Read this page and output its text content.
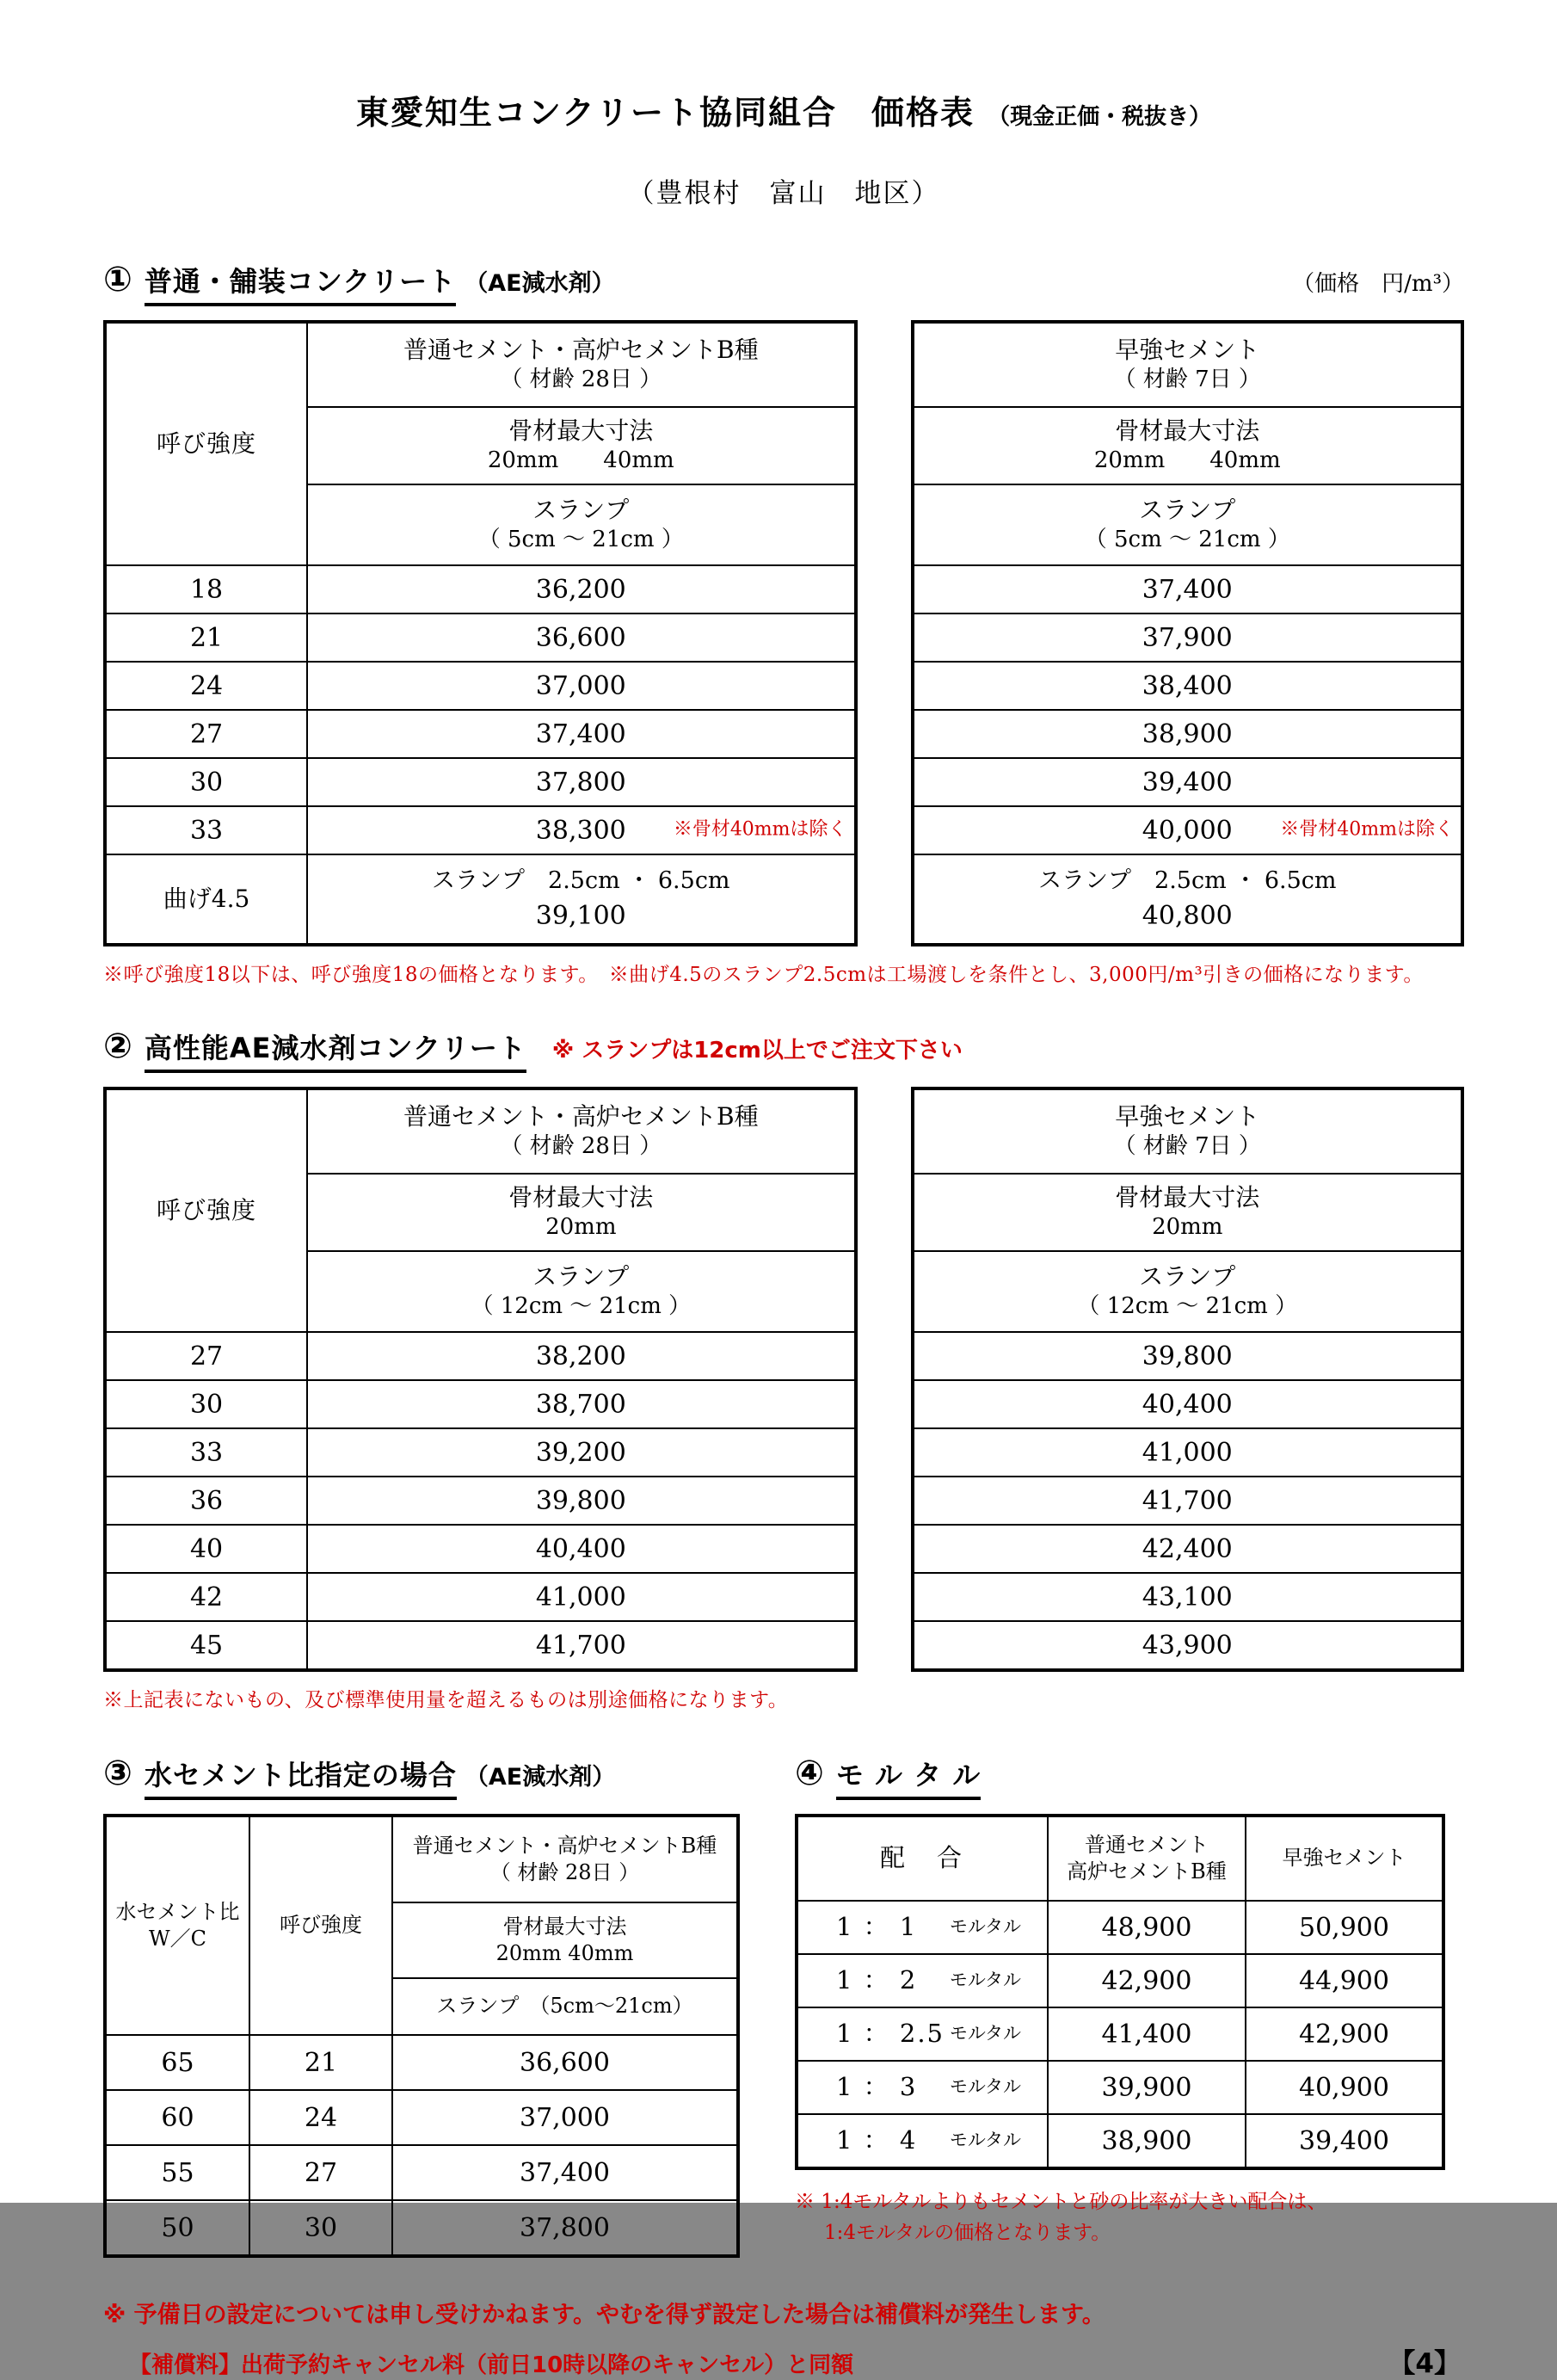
東愛知生コンクリート協同組合　価格表 （現金正価・税抜き）
（豊根村　富山　地区）
① 普通・舗装コンクリート （AE減水剤）	（価格　円/m³）
呼び強度	普通セメント・高炉セメントB種
（ 材齢 28日 ）

	骨材最大寸法
20mm　　40mm

	スランプ
（ 5cm ～ 21cm ）

18	36,200
21	36,600
24	37,000
27	37,400
30	37,800
33	38,300 ※骨材40mmは除く

曲げ4.5	スランプ　2.5cm ・ 6.5cm
39,100
早強セメント
（ 材齢 7日 ）

骨材最大寸法
20mm　　40mm

スランプ
（ 5cm ～ 21cm ）

37,400
37,900
38,400
38,900
39,400
40,000	※骨材40mmは除く

スランプ　2.5cm ・ 6.5cm
40,800
※呼び強度18以下は、呼び強度18の価格となります。　※曲げ4.5のスランプ2.5cmは工場渡しを条件とし、3,000円/m³引きの価格になります。
② 高性能AE減水剤コンクリート ※ スランプは12cm以上でご注文下さい
呼び強度	普通セメント・高炉セメントB種
（ 材齢 28日 ）

	骨材最大寸法
20mm

	スランプ
（ 12cm ～ 21cm ）

27	38,200
30	38,700
33	39,200
36	39,800
40	40,400
42	41,000
45	41,700
早強セメント
（ 材齢 7日 ）

骨材最大寸法
20mm

スランプ
（ 12cm ～ 21cm ）

39,800
40,400
41,000
41,700
42,400
43,100
43,900
※上記表にないもの、及び標準使用量を超えるものは別途価格になります。
③ 水セメント比指定の場合 （AE減水剤）
水セメント比
W／C
	呼び強度	
普通セメント・高炉セメントB種
（ 材齢 28日 ）

		骨材最大寸法
20mm 40mm

		スランプ　（5cm～21cm）
65	21	36,600
60	24	37,000
55	27	37,400
50	30	37,800
④ モ ル タ ル
配　合	普通セメント
高炉セメントB種	早強セメント

1 ： 1 モルタル	48,900	50,900

1 ： 2 モルタル	42,900	44,900

1 ： 2.5 モルタル	41,400	42,900

1 ： 3 モルタル	39,900	40,900

1 ： 4 モルタル	38,900	39,400
※ 1:4モルタルよりもセメントと砂の比率が大きい配合は、
1:4モルタルの価格となります。
※ 予備日の設定については申し受けかねます。やむを得ず設定した場合は補償料が発生します。
【補償料】出荷予約キャンセル料（前日10時以降のキャンセル）と同額	【4】
